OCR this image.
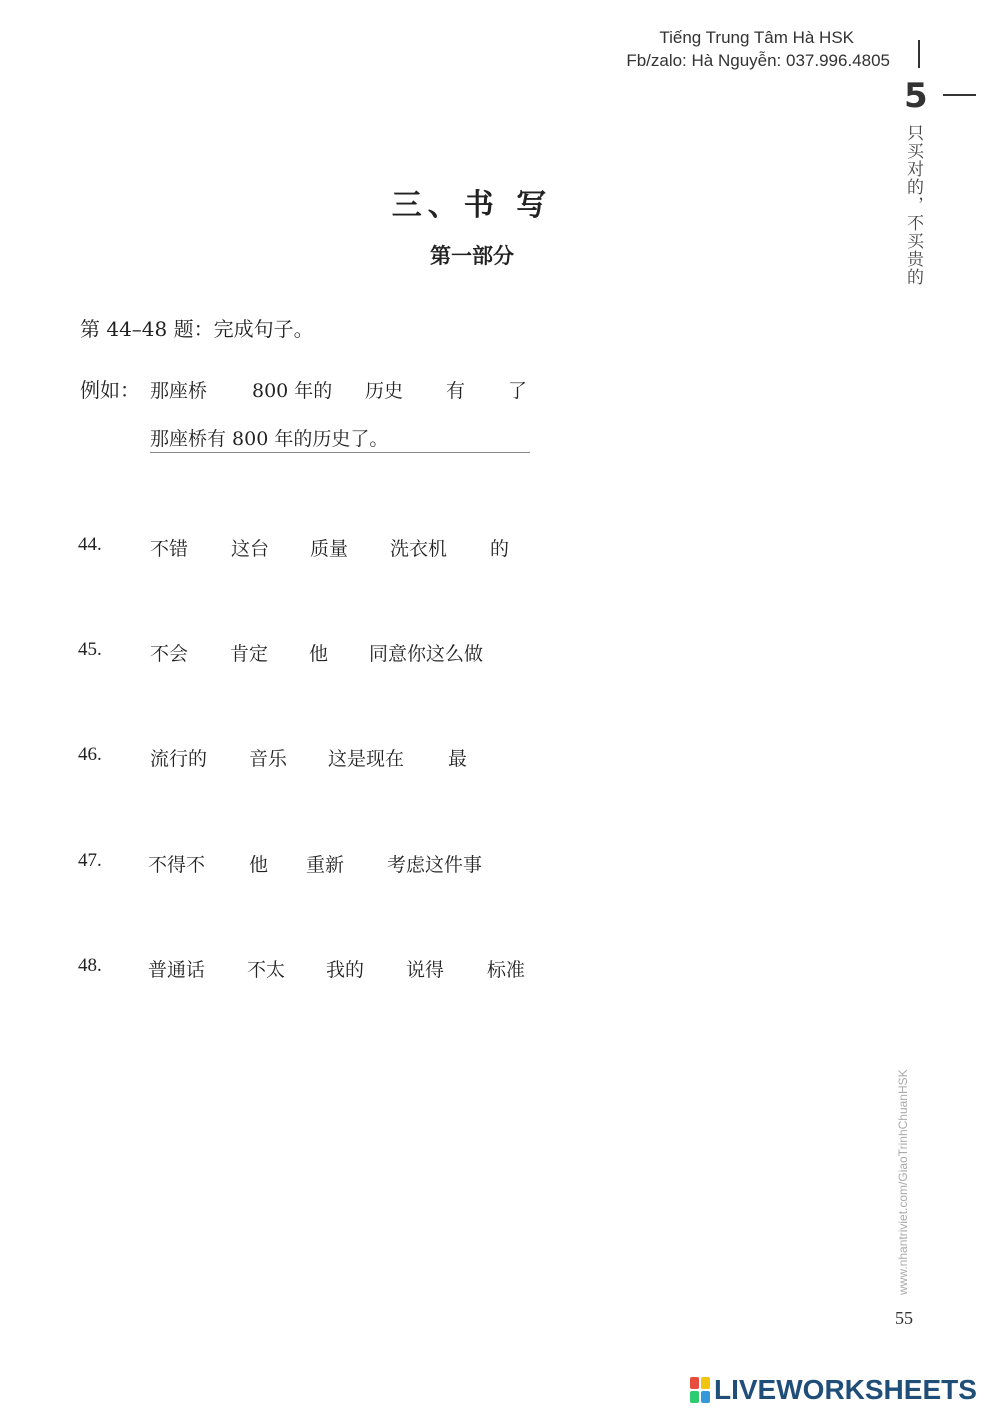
Tiếng Trung Tâm Hà HSK
Fb/zalo: Hà Nguyễn: 037.996.4805
5
只买对的，不买贵的
三、书 写
第一部分
第 44–48 题：完成句子。
例如： 那座桥 800 年的 历史 有 了
那座桥有 800 年的历史了。
44.	不错 这台 质量 洗衣机 的
45.	不会 肯定 他 同意你这么做
46.	流行的 音乐 这是现在 最
47. 不得不 他 重新 考虑这件事
48. 普通话 不太 我的 说得 标准
www.nhantriviet.com/GiaoTrinhChuanHSK
55
LIVEWORKSHEETS
